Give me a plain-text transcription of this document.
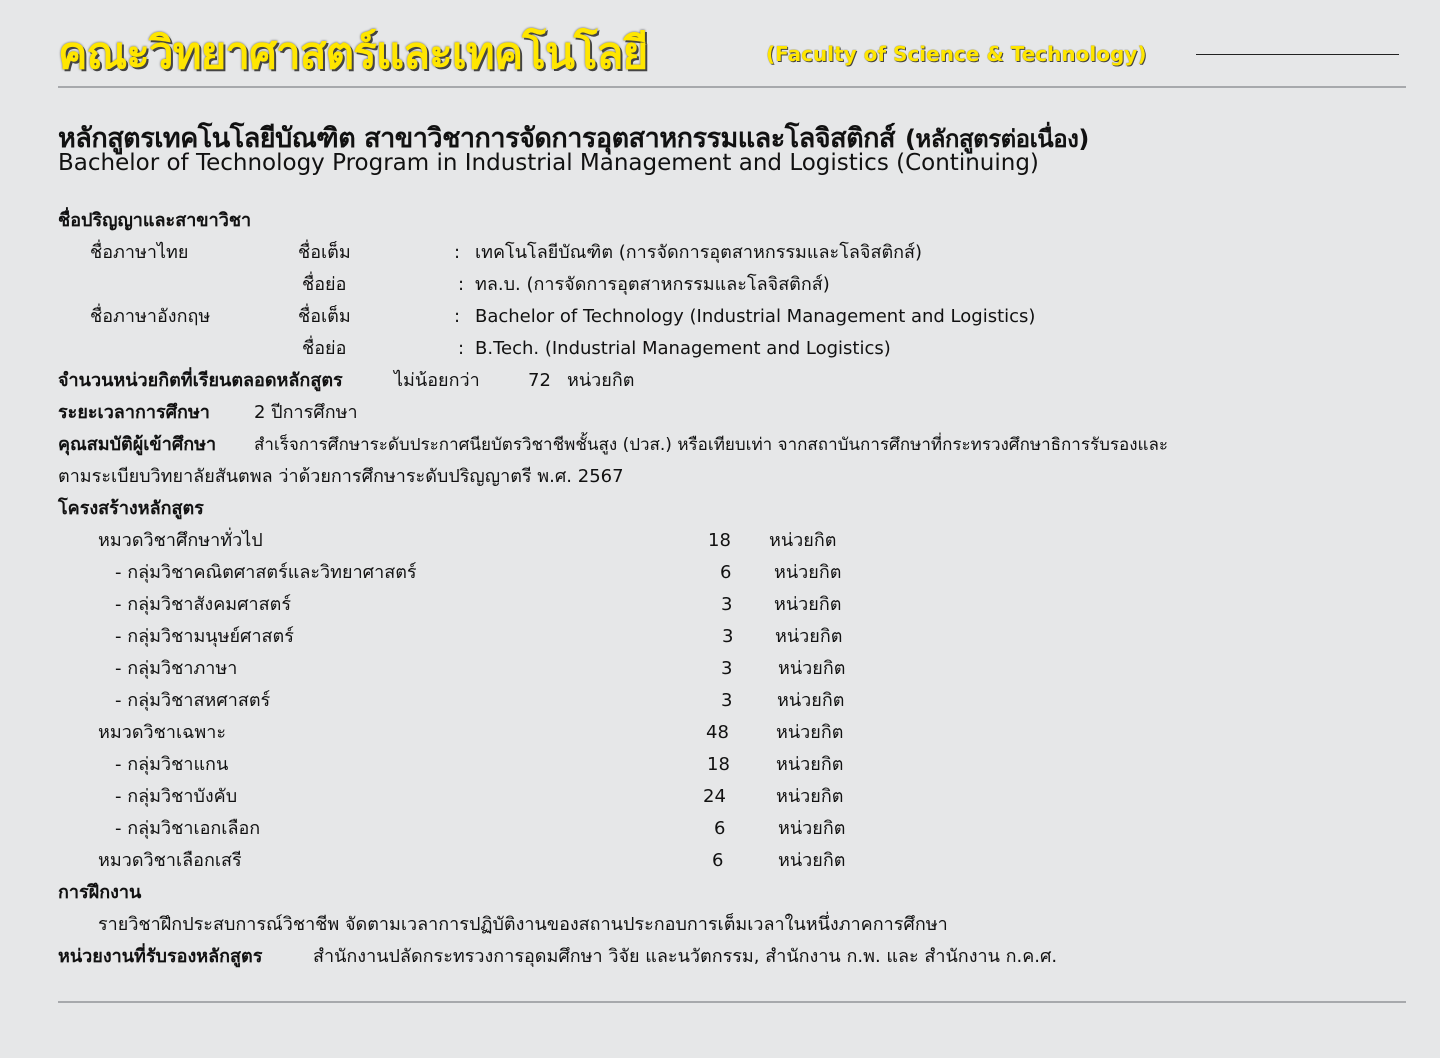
คณะวิทยาศาสตร์และเทคโนโลยี	(Faculty of Science & Technology)
หลักสูตรเทคโนโลยีบัณฑิต สาขาวิชาการจัดการอุตสาหกรรมและโลจิสติกส์ (หลักสูตรต่อเนื่อง)
Bachelor of Technology Program in Industrial Management and Logistics (Continuing)
ชื่อปริญญาและสาขาวิชา
ชื่อภาษาไทย	ชื่อเต็ม	: เทคโนโลยีบัณฑิต (การจัดการอุตสาหกรรมและโลจิสติกส์)
ชื่อย่อ	: ทล.บ. (การจัดการอุตสาหกรรมและโลจิสติกส์)
ชื่อภาษาอังกฤษ	ชื่อเต็ม	: Bachelor of Technology (Industrial Management and Logistics)
ชื่อย่อ	: B.Tech. (Industrial Management and Logistics)
จำนวนหน่วยกิตที่เรียนตลอดหลักสูตร	ไม่น้อยกว่า	72 หน่วยกิต
ระยะเวลาการศึกษา 2 ปีการศึกษา
คุณสมบัติผู้เข้าศึกษา สำเร็จการศึกษาระดับประกาศนียบัตรวิชาชีพชั้นสูง (ปวส.) หรือเทียบเท่า จากสถาบันการศึกษาที่กระทรวงศึกษาธิการรับรองและ
ตามระเบียบวิทยาลัยสันตพล ว่าด้วยการศึกษาระดับปริญญาตรี พ.ศ. 2567
โครงสร้างหลักสูตร
หมวดวิชาศึกษาทั่วไป	18 หน่วยกิต
- กลุ่มวิชาคณิตศาสตร์และวิทยาศาสตร์	6 หน่วยกิต
- กลุ่มวิชาสังคมศาสตร์	3 หน่วยกิต
- กลุ่มวิชามนุษย์ศาสตร์	3 หน่วยกิต
- กลุ่มวิชาภาษา	3	หน่วยกิต
- กลุ่มวิชาสหศาสตร์	3 หน่วยกิต
หมวดวิชาเฉพาะ	48	หน่วยกิต
- กลุ่มวิชาแกน	18	หน่วยกิต
- กลุ่มวิชาบังคับ	24	หน่วยกิต
- กลุ่มวิชาเอกเลือก	6	หน่วยกิต
หมวดวิชาเลือกเสรี	6	หน่วยกิต
การฝึกงาน
รายวิชาฝึกประสบการณ์วิชาชีพ จัดตามเวลาการปฏิบัติงานของสถานประกอบการเต็มเวลาในหนึ่งภาคการศึกษา
หน่วยงานที่รับรองหลักสูตร	สำนักงานปลัดกระทรวงการอุดมศึกษา วิจัย และนวัตกรรม, สำนักงาน ก.พ. และ สำนักงาน ก.ค.ศ.
